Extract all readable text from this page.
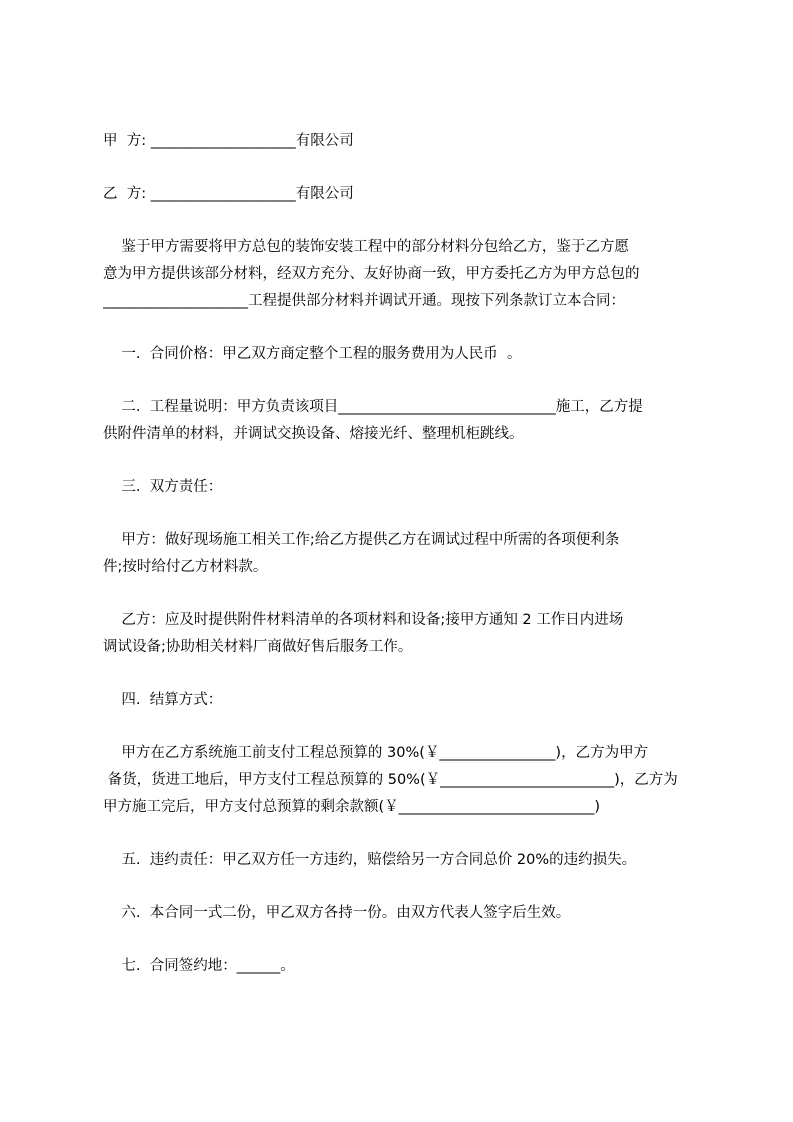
甲  方: ____________________有限公司
乙  方: ____________________有限公司
鉴于甲方需要将甲方总包的装饰安装工程中的部分材料分包给乙方，鉴于乙方愿
意为甲方提供该部分材料，经双方充分、友好协商一致，甲方委托乙方为甲方总包的
____________________工程提供部分材料并调试开通。现按下列条款订立本合同：
一.  合同价格：甲乙双方商定整个工程的服务费用为人民币  。
二.  工程量说明：甲方负责该项目______________________________施工，乙方提
供附件清单的材料，并调试交换设备、熔接光纤、整理机柜跳线。
三.  双方责任：
甲方：做好现场施工相关工作;给乙方提供乙方在调试过程中所需的各项便利条
件;按时给付乙方材料款。
乙方：应及时提供附件材料清单的各项材料和设备;接甲方通知 2 工作日内进场
调试设备;协助相关材料厂商做好售后服务工作。
四.  结算方式：
甲方在乙方系统施工前支付工程总预算的 30%(￥________________)，乙方为甲方
备货，货进工地后，甲方支付工程总预算的 50%(￥________________________)，乙方为
甲方施工完后，甲方支付总预算的剩余款额(￥___________________________)
五.  违约责任：甲乙双方任一方违约，赔偿给另一方合同总价 20%的违约损失。
六.  本合同一式二份，甲乙双方各持一份。由双方代表人签字后生效。
七.  合同签约地：______。
